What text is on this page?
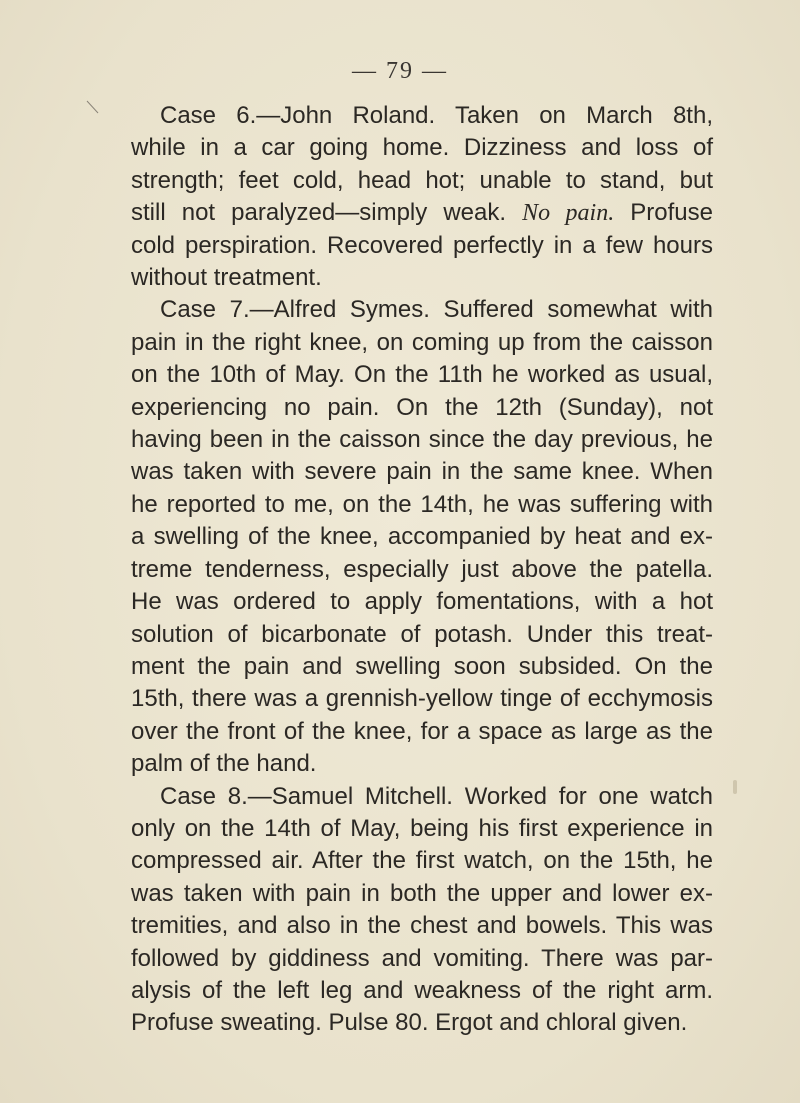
— 79 —
Case 6.—John Roland. Taken on March 8th,
while in a car going home. Dizziness and loss of
strength; feet cold, head hot; unable to stand, but
still not paralyzed—simply weak. No pain. Profuse
cold perspiration. Recovered perfectly in a few hours
without treatment.
Case 7.—Alfred Symes. Suffered somewhat with
pain in the right knee, on coming up from the caisson
on the 10th of May. On the 11th he worked as usual,
experiencing no pain. On the 12th (Sunday), not
having been in the caisson since the day previous, he
was taken with severe pain in the same knee. When
he reported to me, on the 14th, he was suffering with
a swelling of the knee, accompanied by heat and ex-
treme tenderness, especially just above the patella.
He was ordered to apply fomentations, with a hot
solution of bicarbonate of potash. Under this treat-
ment the pain and swelling soon subsided. On the
15th, there was a grennish-yellow tinge of ecchymosis
over the front of the knee, for a space as large as the
palm of the hand.
Case 8.—Samuel Mitchell. Worked for one watch
only on the 14th of May, being his first experience in
compressed air. After the first watch, on the 15th, he
was taken with pain in both the upper and lower ex-
tremities, and also in the chest and bowels. This was
followed by giddiness and vomiting. There was par-
alysis of the left leg and weakness of the right arm.
Profuse sweating. Pulse 80. Ergot and chloral given.
